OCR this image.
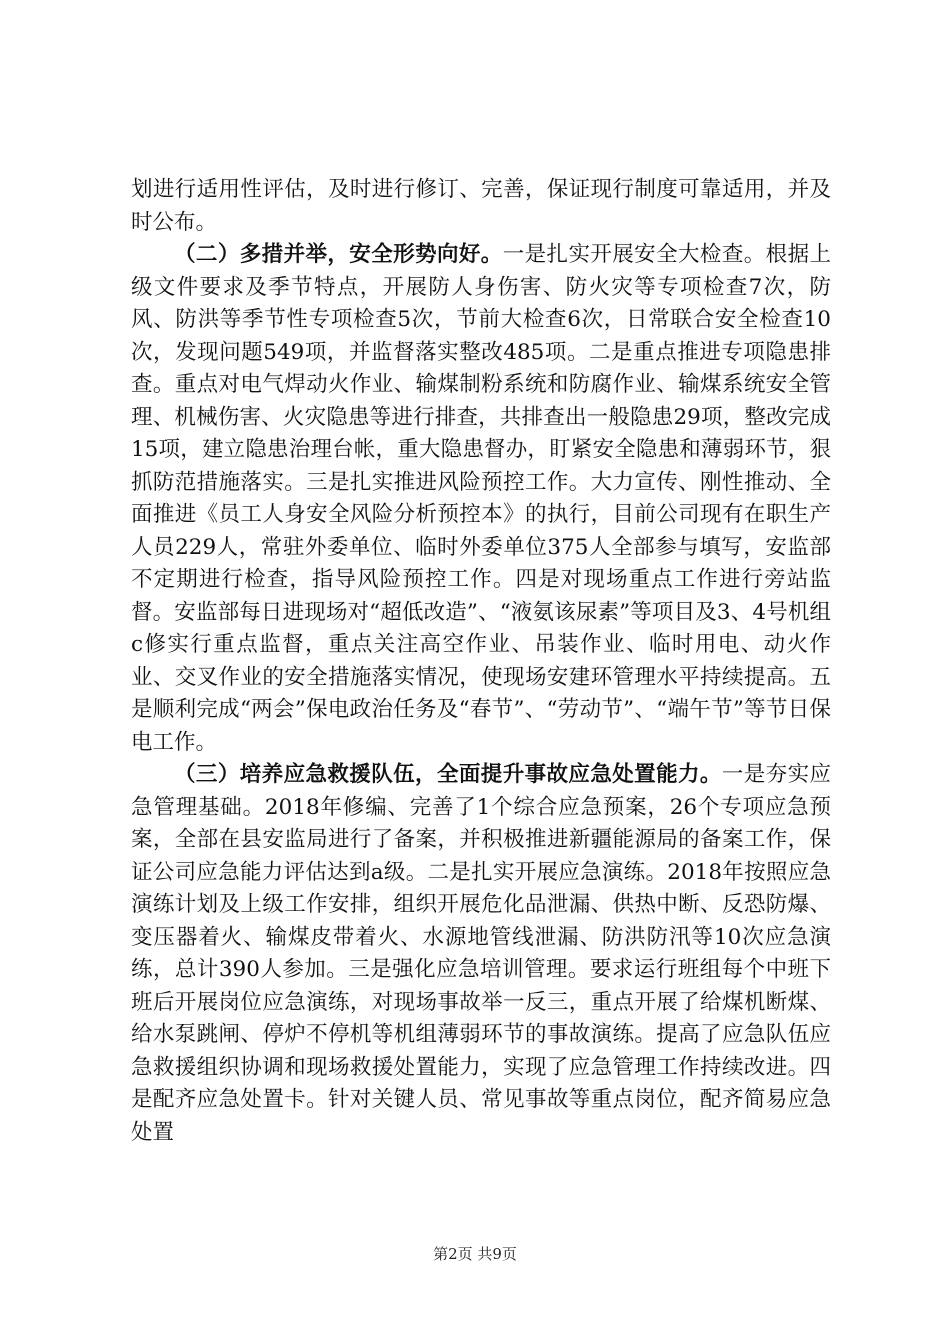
划进行适用性评估，及时进行修订、完善，保证现行制度可靠适用，并及时公布。

（二）多措并举，安全形势向好。一是扎实开展安全大检查。根据上级文件要求及季节特点，开展防人身伤害、防火灾等专项检查7次，防风、防洪等季节性专项检查5次，节前大检查6次，日常联合安全检查10次，发现问题549项，并监督落实整改485项。二是重点推进专项隐患排查。重点对电气焊动火作业、输煤制粉系统和防腐作业、输煤系统安全管理、机械伤害、火灾隐患等进行排查，共排查出一般隐患29项，整改完成15项，建立隐患治理台帐，重大隐患督办，盯紧安全隐患和薄弱环节，狠抓防范措施落实。三是扎实推进风险预控工作。大力宣传、刚性推动、全面推进《员工人身安全风险分析预控本》的执行，目前公司现有在职生产人员229人，常驻外委单位、临时外委单位375人全部参与填写，安监部不定期进行检查，指导风险预控工作。四是对现场重点工作进行旁站监督。安监部每日进现场对“超低改造”、“液氨该尿素”等项目及3、4号机组c修实行重点监督，重点关注高空作业、吊装作业、临时用电、动火作业、交叉作业的安全措施落实情况，使现场安建环管理水平持续提高。五是顺利完成“两会”保电政治任务及“春节”、“劳动节”、“端午节”等节日保电工作。

（三）培养应急救援队伍，全面提升事故应急处置能力。一是夯实应急管理基础。2018年修编、完善了1个综合应急预案，26个专项应急预案，全部在县安监局进行了备案，并积极推进新疆能源局的备案工作，保证公司应急能力评估达到a级。二是扎实开展应急演练。2018年按照应急演练计划及上级工作安排，组织开展危化品泄漏、供热中断、反恐防爆、变压器着火、输煤皮带着火、水源地管线泄漏、防洪防汛等10次应急演练，总计390人参加。三是强化应急培训管理。要求运行班组每个中班下班后开展岗位应急演练，对现场事故举一反三，重点开展了给煤机断煤、给水泵跳闸、停炉不停机等机组薄弱环节的事故演练。提高了应急队伍应急救援组织协调和现场救援处置能力，实现了应急管理工作持续改进。四是配齐应急处置卡。针对关键人员、常见事故等重点岗位，配齐简易应急处置

第2页 共9页
